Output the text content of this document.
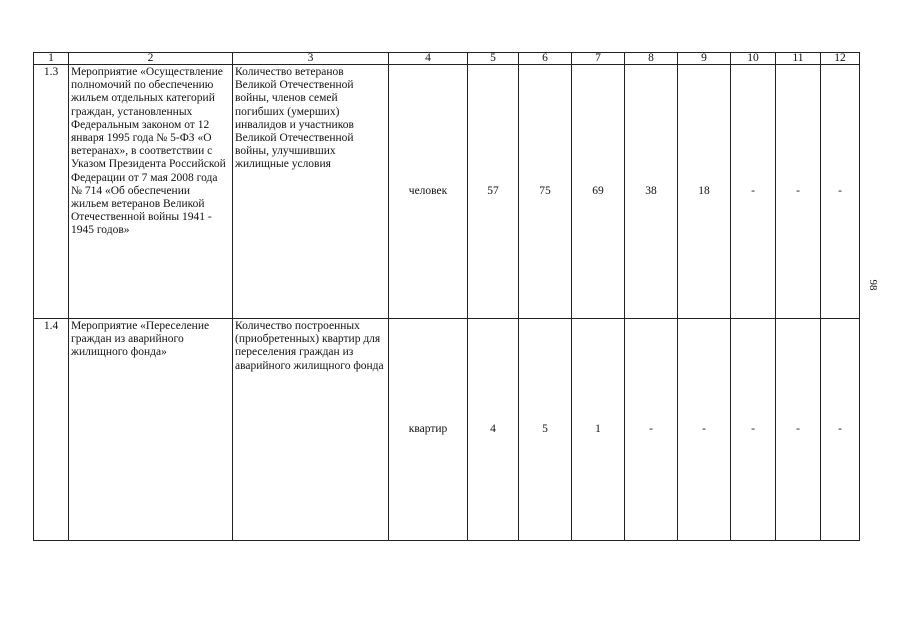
1	2	3	4	5	6	7	8	9	10	11	12
1.3	Мероприятие «Осуществление полномочий по обеспечению жильем отдельных категорий граждан, установленных Федеральным законом от 12 января 1995 года № 5-ФЗ «О ветеранах», в соответствии с Указом Президента Российской Федерации от 7 мая 2008 года № 714 «Об обеспечении жильем ветеранов Великой Отечественной войны 1941 - 1945 годов»	Количество ветеранов Великой Отечественной войны, членов семей погибших (умерших) инвалидов и участников Великой Отечественной войны, улучшивших жилищные условия	человек	57	75	69	38	18	-	-	-
1.4	Мероприятие «Переселение граждан из аварийного жилищного фонда»	Количество построенных (приобретенных) квартир для переселения граждан из аварийного жилищного фонда	квартир	4	5	1	-	-	-	-	-
98
